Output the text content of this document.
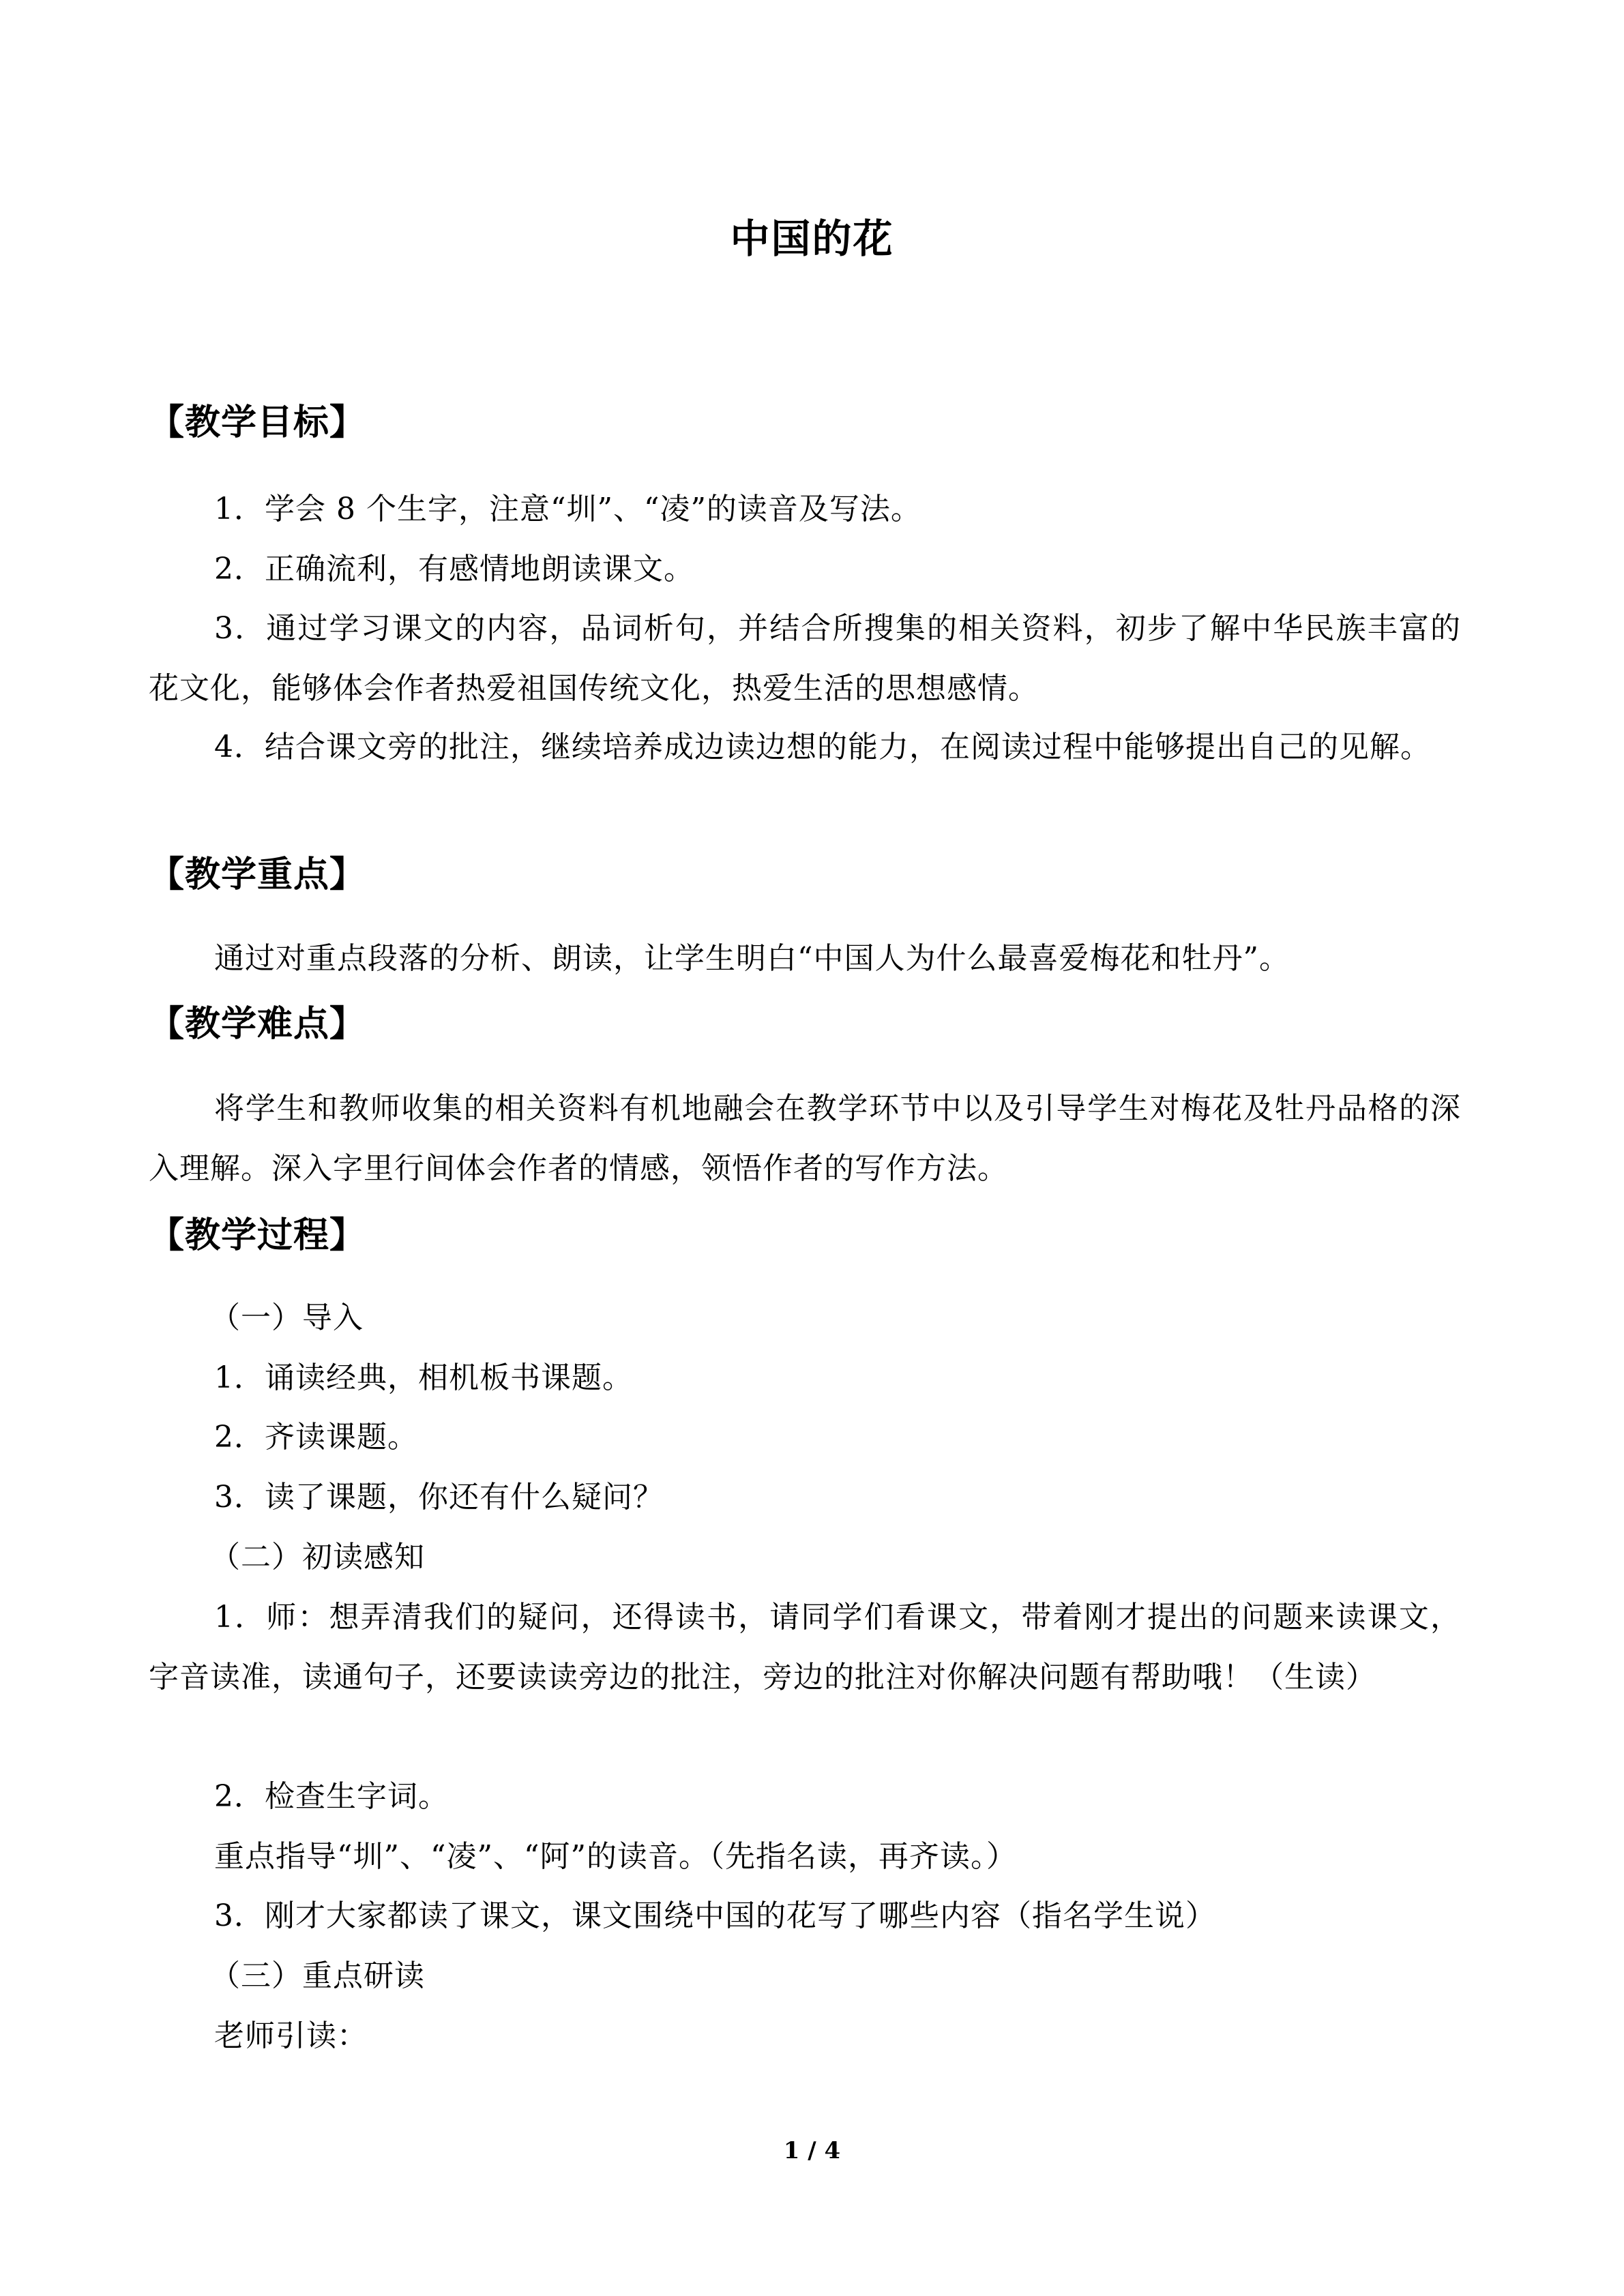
中国的花
【教学目标】

1．学会 8 个生字，注意“圳”、“凌”的读音及写法。

2．正确流利，有感情地朗读课文。

3．通过学习课文的内容，品词析句，并结合所搜集的相关资料，初步了解中华民族丰富的花文化，能够体会作者热爱祖国传统文化，热爱生活的思想感情。

4．结合课文旁的批注，继续培养成边读边想的能力，在阅读过程中能够提出自己的见解。

【教学重点】

通过对重点段落的分析、朗读，让学生明白“中国人为什么最喜爱梅花和牡丹”。

【教学难点】

将学生和教师收集的相关资料有机地融会在教学环节中以及引导学生对梅花及牡丹品格的深入理解。深入字里行间体会作者的情感，领悟作者的写作方法。

【教学过程】
（一）导入
1．诵读经典，相机板书课题。
2．齐读课题。
3．读了课题，你还有什么疑问？
（二）初读感知

1．师：想弄清我们的疑问，还得读书，请同学们看课文，带着刚才提出的问题来读课文，字音读准，读通句子，还要读读旁边的批注，旁边的批注对你解决问题有帮助哦！（生读）

2．检查生字词。
重点指导“圳”、“凌”、“阿”的读音。（先指名读，再齐读。）
3．刚才大家都读了课文，课文围绕中国的花写了哪些内容（指名学生说）
（三）重点研读
老师引读：
1 / 4
